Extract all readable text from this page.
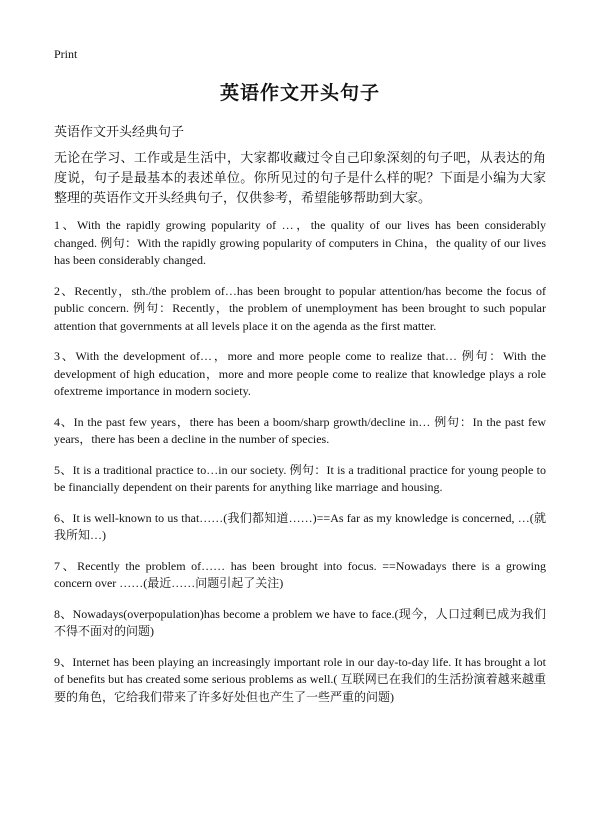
Print
英语作文开头句子
英语作文开头经典句子
无论在学习、工作或是生活中，大家都收藏过令自己印象深刻的句子吧，从表达的角度说，句子是最基本的表述单位。你所见过的句子是什么样的呢？下面是小编为大家整理的英语作文开头经典句子，仅供参考，希望能够帮助到大家。
1、With the rapidly growing popularity of …，the quality of our lives has been considerably changed. 例句：With the rapidly growing popularity of computers in China，the quality of our lives has been considerably changed.
2、Recently，sth./the problem of…has been brought to popular attention/has become the focus of public concern. 例句：Recently，the problem of unemployment has been brought to such popular attention that governments at all levels place it on the agenda as the first matter.
3、With the development of…，more and more people come to realize that… 例句：With the development of high education，more and more people come to realize that knowledge plays a role ofextreme importance in modern society.
4、In the past few years，there has been a boom/sharp growth/decline in… 例句：In the past few years，there has been a decline in the number of species.
5、It is a traditional practice to…in our society. 例句：It is a traditional practice for young people to be financially dependent on their parents for anything like marriage and housing.
6、It is well-known to us that……(我们都知道……)==As far as my knowledge is concerned, …(就我所知…)
7、Recently the problem of…… has been brought into focus. ==Nowadays there is a growing concern over ……(最近……问题引起了关注)
8、Nowadays(overpopulation)has become a problem we have to face.(现今，人口过剩已成为我们不得不面对的问题)
9、Internet has been playing an increasingly important role in our day-to-day life. It has brought a lot of benefits but has created some serious problems as well.( 互联网已在我们的生活扮演着越来越重要的角色，它给我们带来了许多好处但也产生了一些严重的问题)
